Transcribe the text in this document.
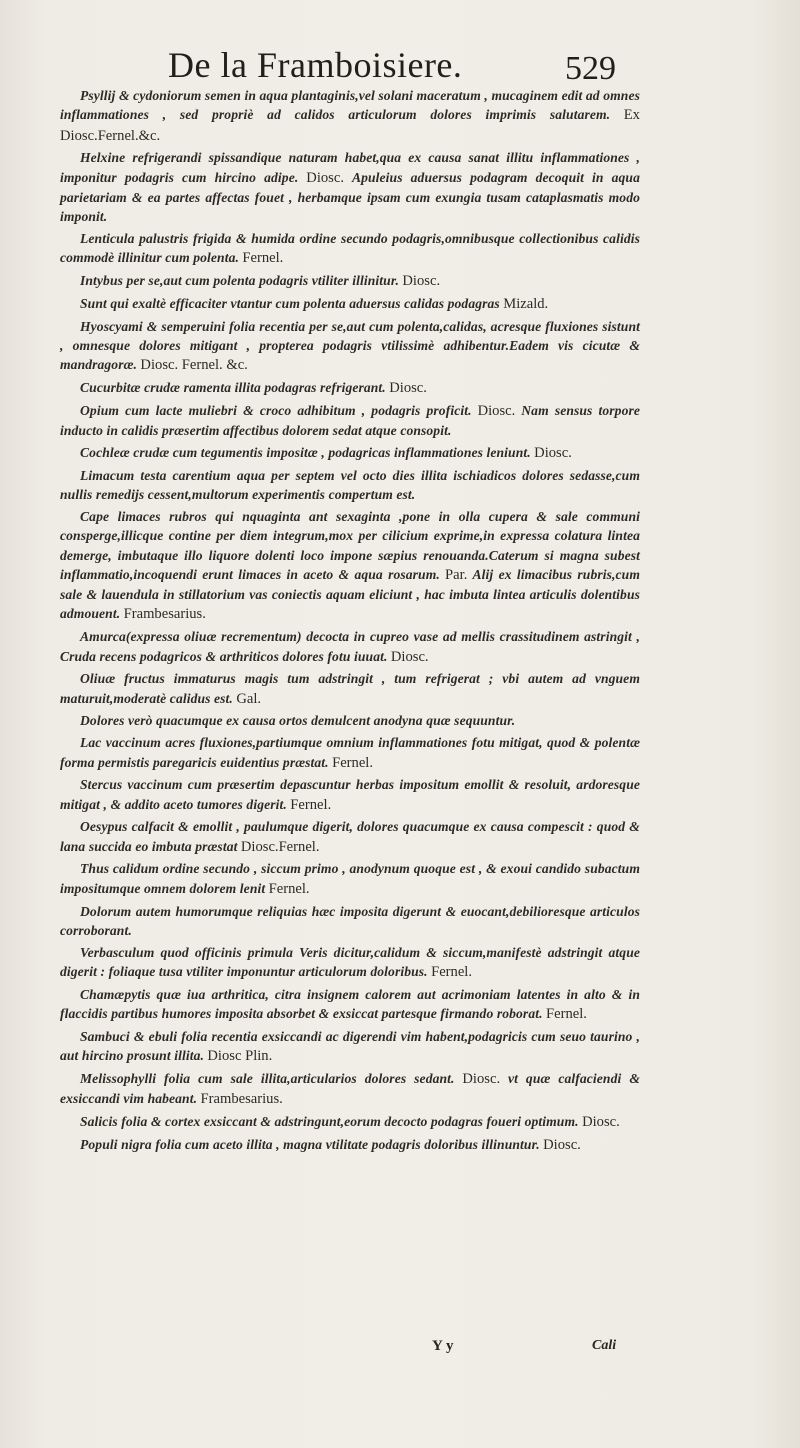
De la Framboisiere.	529

Psyllij & cydoniorum semen in aqua plantaginis,vel solani maceratum , mucaginem edit ad omnes inflammationes , sed propriè ad calidos articulorum dolores imprimis salutarem. Ex Diosc.Fernel.&c.

Helxine refrigerandi spissandique naturam habet,qua ex causa sanat illitu inflammationes , imponitur podagris cum hircino adipe. Diosc. Apuleius aduersus podagram decoquit in aqua parietariam & ea partes affectas fouet , herbamque ipsam cum exungia tusam cataplasmatis modo imponit.

Lenticula palustris frigida & humida ordine secundo podagris,omnibusque collectionibus calidis commodè illinitur cum polenta. Fernel.

Intybus per se,aut cum polenta podagris vtiliter illinitur. Diosc.

Sunt qui exaltè efficaciter vtantur cum polenta aduersus calidas podagras Mizald.

Hyoscyami & semperuini folia recentia per se,aut cum polenta,calidas, acresque fluxiones sistunt , omnesque dolores mitigant , propterea podagris vtilissimè adhibentur.Eadem vis cicutæ & mandragoræ. Diosc. Fernel. &c.

Cucurbitæ crudæ ramenta illita podagras refrigerant. Diosc.

Opium cum lacte muliebri & croco adhibitum , podagris proficit. Diosc. Nam sensus torpore inducto in calidis præsertim affectibus dolorem sedat atque consopit.

Cochleæ crudæ cum tegumentis impositæ , podagricas inflammationes leniunt. Diosc.

Limacum testa carentium aqua per septem vel octo dies illita ischiadicos dolores sedasse,cum nullis remedijs cessent,multorum experimentis compertum est.

Cape limaces rubros qui nquaginta ant sexaginta ,pone in olla cupera & sale communi consperge,illicque contine per diem integrum,mox per cilicium exprime,in expressa colatura lintea demerge, imbutaque illo liquore dolenti loco impone sæpius renouanda.Caterum si magna subest inflammatio,incoquendi erunt limaces in aceto & aqua rosarum. Par. Alij ex limacibus rubris,cum sale & lauendula in stillatorium vas coniectis aquam eliciunt , hac imbuta lintea articulis dolentibus admouent. Frambesarius.

Amurca(expressa oliuæ recrementum) decocta in cupreo vase ad mellis crassitudinem astringit , Cruda recens podagricos & arthriticos dolores fotu iuuat. Diosc.

Oliuæ fructus immaturus magis tum adstringit , tum refrigerat ; vbi autem ad vnguem maturuit,moderatè calidus est. Gal.

Dolores verò quacumque ex causa ortos demulcent anodyna quæ sequuntur.

Lac vaccinum acres fluxiones,partiumque omnium inflammationes fotu mitigat, quod & polentæ forma permistis paregaricis euidentius præstat. Fernel.

Stercus vaccinum cum præsertim depascuntur herbas impositum emollit & resoluit, ardoresque mitigat , & addito aceto tumores digerit. Fernel.

Oesypus calfacit & emollit , paulumque digerit, dolores quacumque ex causa compescit : quod & lana succida eo imbuta præstat Diosc.Fernel.

Thus calidum ordine secundo , siccum primo , anodynum quoque est , & exoui candido subactum impositumque omnem dolorem lenit Fernel.

Dolorum autem humorumque reliquias hæc imposita digerunt & euocant,debilioresque articulos corroborant.

Verbasculum quod officinis primula Veris dicitur,calidum & siccum,manifestè adstringit atque digerit : foliaque tusa vtiliter imponuntur articulorum doloribus. Fernel.

Chamæpytis quæ iua arthritica, citra insignem calorem aut acrimoniam latentes in alto & in flaccidis partibus humores imposita absorbet & exsiccat partesque firmando roborat. Fernel.

Sambuci & ebuli folia recentia exsiccandi ac digerendi vim habent,podagricis cum seuo taurino , aut hircino prosunt illita. Diosc Plin.

Melissophylli folia cum sale illita,articularios dolores sedant. Diosc. vt quæ calfaciendi & exsiccandi vim habeant. Frambesarius.

Salicis folia & cortex exsiccant & adstringunt,eorum decocto podagras foueri optimum. Diosc.

Populi nigra folia cum aceto illita , magna vtilitate podagris doloribus illinuntur. Diosc.

Y y	Cali
